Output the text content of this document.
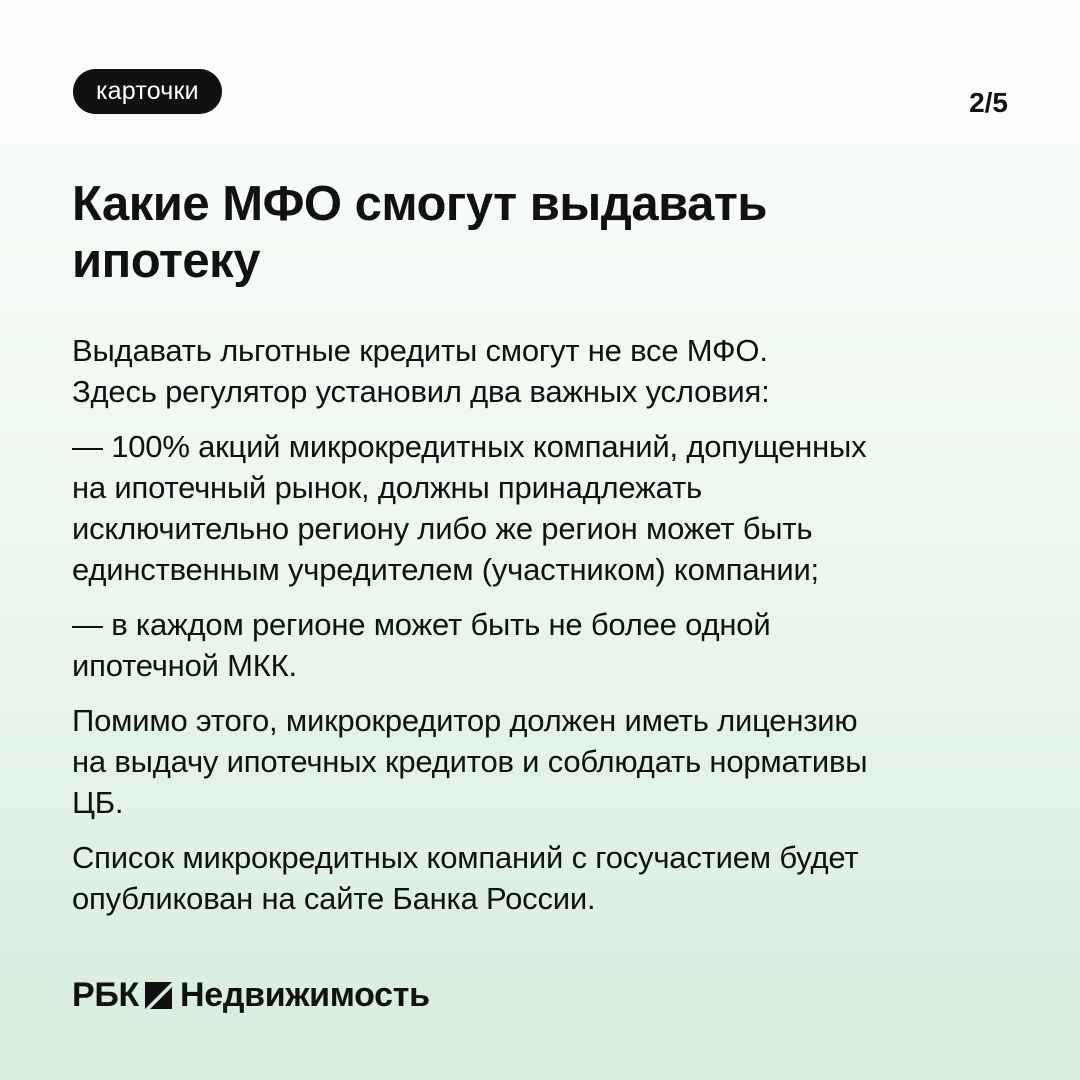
карточки	2/5
Какие МФО смогут выдавать
ипотеку

Выдавать льготные кредиты смогут не все МФО.
Здесь регулятор установил два важных условия:

— 100% акций микрокредитных компаний, допущенных
на ипотечный рынок, должны принадлежать
исключительно региону либо же регион может быть
единственным учредителем (участником) компании;

— в каждом регионе может быть не более одной
ипотечной МКК.

Помимо этого, микрокредитор должен иметь лицензию
на выдачу ипотечных кредитов и соблюдать нормативы
ЦБ.

Список микрокредитных компаний с госучастием будет
опубликован на сайте Банка России.

РБК Недвижимость
